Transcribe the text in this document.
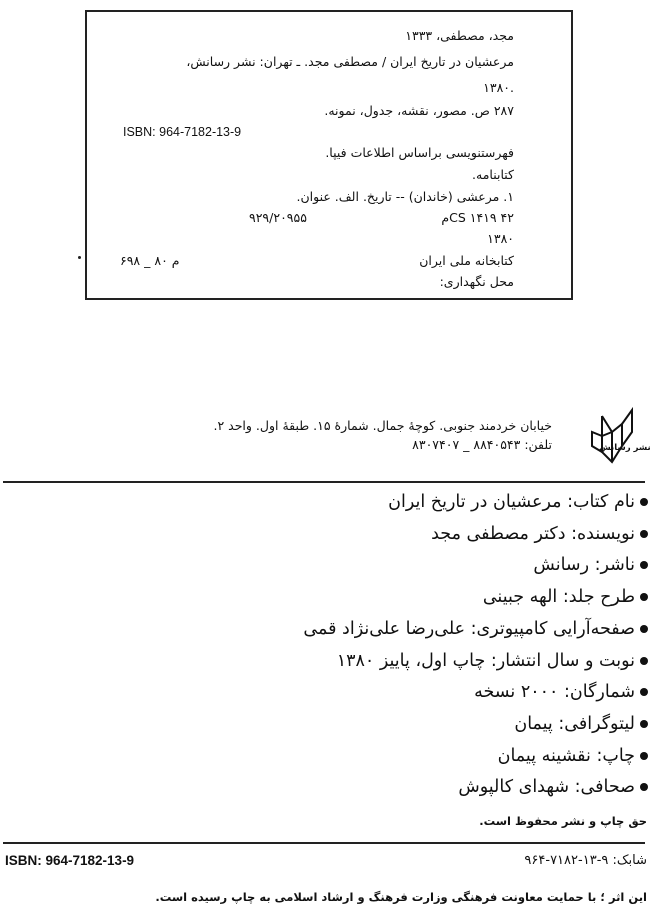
مجد، مصطفی، ۱۳۳۳
مرعشیان در تاریخ ایران / مصطفی مجد. ـ تهران: نشر رسانش،
.۱۳۸۰
۲۸۷ ص. مصور، نقشه، جدول، نمونه.
ISBN: 964-7182-13-9
فهرستنویسی براساس اطلاعات فیپا.
کتابنامه.
۱. مرعشی (خاندان) -- تاریخ. الف. عنوان.
CS ۱۴۱۹ ۴۲م
۹۲۹/۲۰۹۵۵
۱۳۸۰
کتابخانه ملی ایران
م ۸۰ _ ۶۹۸
محل نگهداری:
خیابان خردمند جنوبی. کوچهٔ جمال. شمارهٔ ۱۵. طبقهٔ اول. واحد ۲.
تلفن: ۸۸۴۰۵۴۳ _ ۸۳۰۷۴۰۷	نشر رسانش
نام کتاب: مرعشیان در تاریخ ایران
نویسنده: دکتر مصطفی مجد
ناشر: رسانش
طرح جلد: الهه جبینی
صفحه‌آرایی کامپیوتری: علی‌رضا علی‌نژاد قمی
نوبت و سال انتشار: چاپ اول، پاییز ۱۳۸۰
شمارگان: ۲۰۰۰ نسخه
لیتوگرافی: پیمان
چاپ: نقشینه پیمان
صحافی: شهدای کالپوش
حق چاپ و نشر محفوظ است.
ISBN: 964-7182-13-9	شابک: ۹-۱۳-۷۱۸۲-۹۶۴
این اثر ؛ با حمایت معاونت فرهنگی وزارت فرهنگ و ارشاد اسلامی به چاپ رسیده است.
